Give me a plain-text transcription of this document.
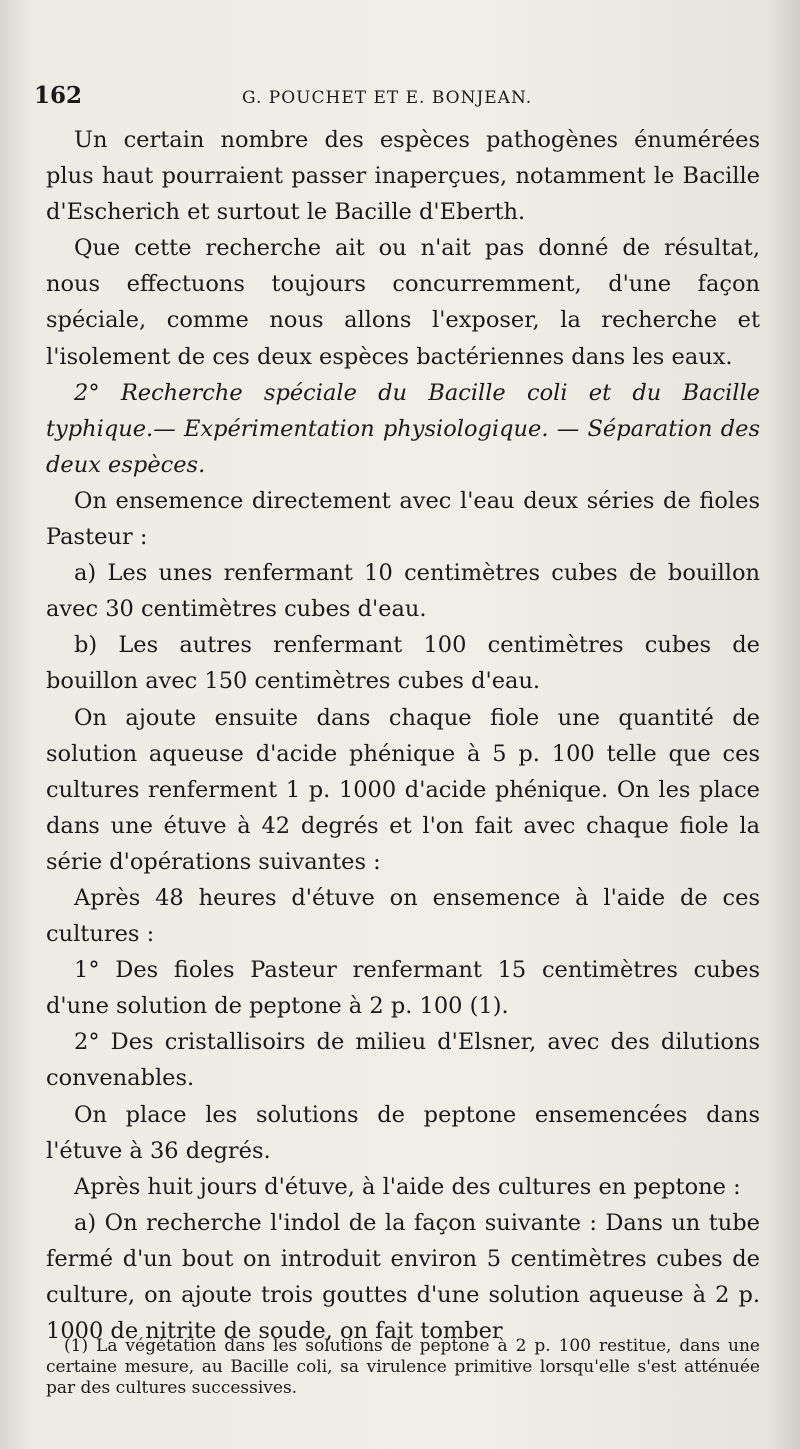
162	G. POUCHET ET E. BONJEAN.

Un certain nombre des espèces pathogènes énumérées plus haut pourraient passer inaperçues, notamment le Bacille d'Escherich et surtout le Bacille d'Eberth.

Que cette recherche ait ou n'ait pas donné de résultat, nous effectuons toujours concurremment, d'une façon spéciale, comme nous allons l'exposer, la recherche et l'isolement de ces deux espèces bactériennes dans les eaux.

2° Recherche spéciale du Bacille coli et du Bacille typhique.— Expérimentation physiologique. — Séparation des deux espèces.

On ensemence directement avec l'eau deux séries de fioles Pasteur :

a) Les unes renfermant 10 centimètres cubes de bouillon avec 30 centimètres cubes d'eau.

b) Les autres renfermant 100 centimètres cubes de bouillon avec 150 centimètres cubes d'eau.

On ajoute ensuite dans chaque fiole une quantité de solution aqueuse d'acide phénique à 5 p. 100 telle que ces cultures renferment 1 p. 1000 d'acide phénique. On les place dans une étuve à 42 degrés et l'on fait avec chaque fiole la série d'opérations suivantes :

Après 48 heures d'étuve on ensemence à l'aide de ces cultures :

1° Des fioles Pasteur renfermant 15 centimètres cubes d'une solution de peptone à 2 p. 100 (1).

2° Des cristallisoirs de milieu d'Elsner, avec des dilutions convenables.

On place les solutions de peptone ensemencées dans l'étuve à 36 degrés.

Après huit jours d'étuve, à l'aide des cultures en peptone :

a) On recherche l'indol de la façon suivante : Dans un tube fermé d'un bout on introduit environ 5 centimètres cubes de culture, on ajoute trois gouttes d'une solution aqueuse à 2 p. 1000 de nitrite de soude, on fait tomber

(1) La végétation dans les solutions de peptone à 2 p. 100 restitue, dans une certaine mesure, au Bacille coli, sa virulence primitive lorsqu'elle s'est atténuée par des cultures successives.
